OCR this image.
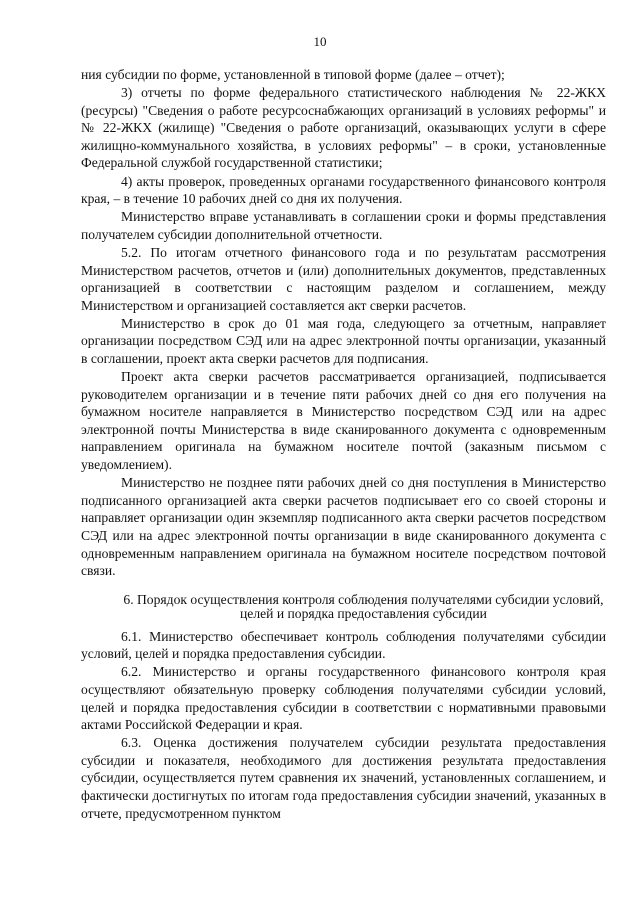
10

ния субсидии по форме, установленной в типовой форме (далее – отчет);

3) отчеты по форме федерального статистического наблюдения № 22-ЖКХ (ресурсы) "Сведения о работе ресурсоснабжающих организаций в условиях реформы" и № 22-ЖКХ (жилище) "Сведения о работе организаций, оказывающих услуги в сфере жилищно-коммунального хозяйства, в условиях реформы" – в сроки, установленные Федеральной службой государственной статистики;

4) акты проверок, проведенных органами государственного финансового контроля края, – в течение 10 рабочих дней со дня их получения.

Министерство вправе устанавливать в соглашении сроки и формы представления получателем субсидии дополнительной отчетности.

5.2. По итогам отчетного финансового года и по результатам рассмотрения Министерством расчетов, отчетов и (или) дополнительных документов, представленных организацией в соответствии с настоящим разделом и соглашением, между Министерством и организацией составляется акт сверки расчетов.

Министерство в срок до 01 мая года, следующего за отчетным, направляет организации посредством СЭД или на адрес электронной почты организации, указанный в соглашении, проект акта сверки расчетов для подписания.

Проект акта сверки расчетов рассматривается организацией, подписывается руководителем организации и в течение пяти рабочих дней со дня его получения на бумажном носителе направляется в Министерство посредством СЭД или на адрес электронной почты Министерства в виде сканированного документа с одновременным направлением оригинала на бумажном носителе почтой (заказным письмом с уведомлением).

Министерство не позднее пяти рабочих дней со дня поступления в Министерство подписанного организацией акта сверки расчетов подписывает его со своей стороны и направляет организации один экземпляр подписанного акта сверки расчетов посредством СЭД или на адрес электронной почты организации в виде сканированного документа с одновременным направлением оригинала на бумажном носителе посредством почтовой связи.

6. Порядок осуществления контроля соблюдения получателями субсидии условий, целей и порядка предоставления субсидии

6.1. Министерство обеспечивает контроль соблюдения получателями субсидии условий, целей и порядка предоставления субсидии.

6.2. Министерство и органы государственного финансового контроля края осуществляют обязательную проверку соблюдения получателями субсидии условий, целей и порядка предоставления субсидии в соответствии с нормативными правовыми актами Российской Федерации и края.

6.3. Оценка достижения получателем субсидии результата предоставления субсидии и показателя, необходимого для достижения результата предоставления субсидии, осуществляется путем сравнения их значений, установленных соглашением, и фактически достигнутых по итогам года предоставления субсидии значений, указанных в отчете, предусмотренном пунктом
